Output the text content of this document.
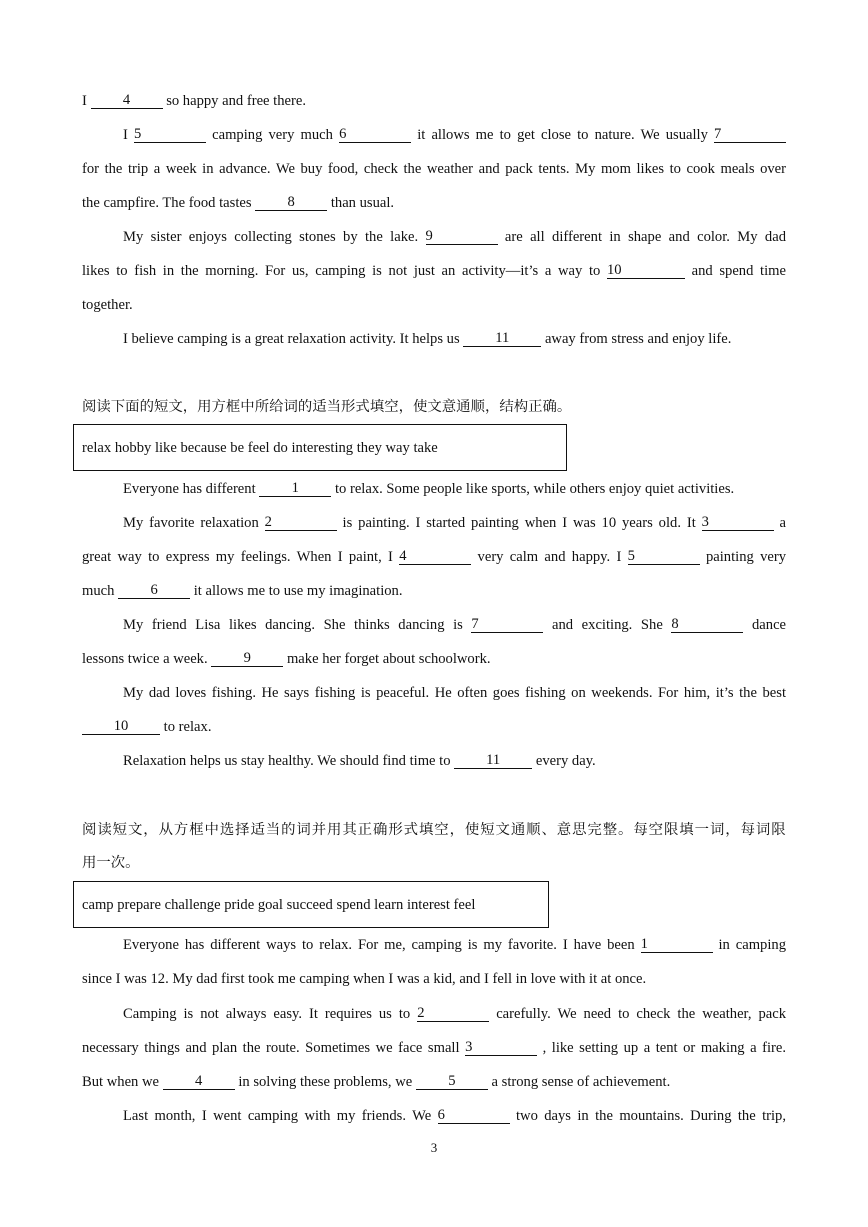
I 4 so happy and free there.
I 5	camping very much 6	it allows me to get close to nature. We usually 7
for the trip a week in advance. We buy food, check the weather and pack tents. My mom likes to cook meals over
the campfire. The food tastes 8 than usual.
My sister enjoys collecting stones by the lake. 9	are all different in shape and color. My dad
likes to fish in the morning. For us, camping is not just an activity—it’s a way to 10	and spend time
together.
I believe camping is a great relaxation activity. It helps us 11 away from stress and enjoy life.
阅读下面的短文，用方框中所给词的适当形式填空，使文意通顺，结构正确。
relax hobby like because be feel do interesting they way take
Everyone has different 1 to relax. Some people like sports, while others enjoy quiet activities.
My favorite relaxation 2	is painting. I started painting when I was 10 years old. It 3	a
great way to express my feelings. When I paint, I 4	very calm and happy. I 5	painting very
much 6 it allows me to use my imagination.
My friend Lisa likes dancing. She thinks dancing is 7	and exciting. She 8	dance
lessons twice a week. 9 make her forget about schoolwork.
My dad loves fishing. He says fishing is peaceful. He often goes fishing on weekends. For him, it’s the best
10 to relax.
Relaxation helps us stay healthy. We should find time to 11 every day.
阅读短文，从方框中选择适当的词并用其正确形式填空，使短文通顺、意思完整。每空限填一词，每词限
用一次。
camp prepare challenge pride goal succeed spend learn interest feel
Everyone has different ways to relax. For me, camping is my favorite. I have been 1	in camping
since I was 12. My dad first took me camping when I was a kid, and I fell in love with it at once.
Camping is not always easy. It requires us to 2	carefully. We need to check the weather, pack
necessary things and plan the route. Sometimes we face small 3	, like setting up a tent or making a fire.
But when we 4 in solving these problems, we 5 a strong sense of achievement.
Last month, I went camping with my friends. We 6	two days in the mountains. During the trip,
3
